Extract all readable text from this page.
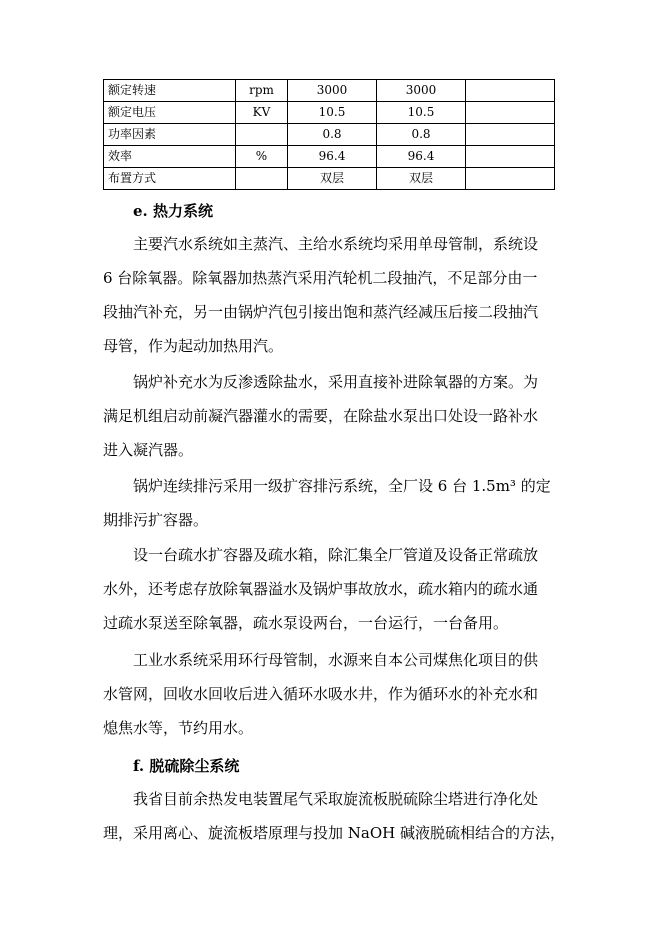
额定转速	rpm	3000	3000	
额定电压	KV	10.5	10.5	
功率因素		0.8	0.8	
效率	%	96.4	96.4	
布置方式		双层	双层	
e. 热力系统
　　主要汽水系统如主蒸汽、主给水系统均采用单母管制，系统设
6 台除氧器。除氧器加热蒸汽采用汽轮机二段抽汽，不足部分由一
段抽汽补充，另一由锅炉汽包引接出饱和蒸汽经减压后接二段抽汽
母管，作为起动加热用汽。
　　锅炉补充水为反渗透除盐水，采用直接补进除氧器的方案。为
满足机组启动前凝汽器灌水的需要，在除盐水泵出口处设一路补水
进入凝汽器。
　　锅炉连续排污采用一级扩容排污系统，全厂设 6 台 1.5m³ 的定
期排污扩容器。
　　设一台疏水扩容器及疏水箱，除汇集全厂管道及设备正常疏放
水外，还考虑存放除氧器溢水及锅炉事故放水，疏水箱内的疏水通
过疏水泵送至除氧器，疏水泵设两台，一台运行，一台备用。
　　工业水系统采用环行母管制，水源来自本公司煤焦化项目的供
水管网，回收水回收后进入循环水吸水井，作为循环水的补充水和
熄焦水等，节约用水。
f. 脱硫除尘系统
　　我省目前余热发电装置尾气采取旋流板脱硫除尘塔进行净化处
理，采用离心、旋流板塔原理与投加 NaOH 碱液脱硫相结合的方法，
